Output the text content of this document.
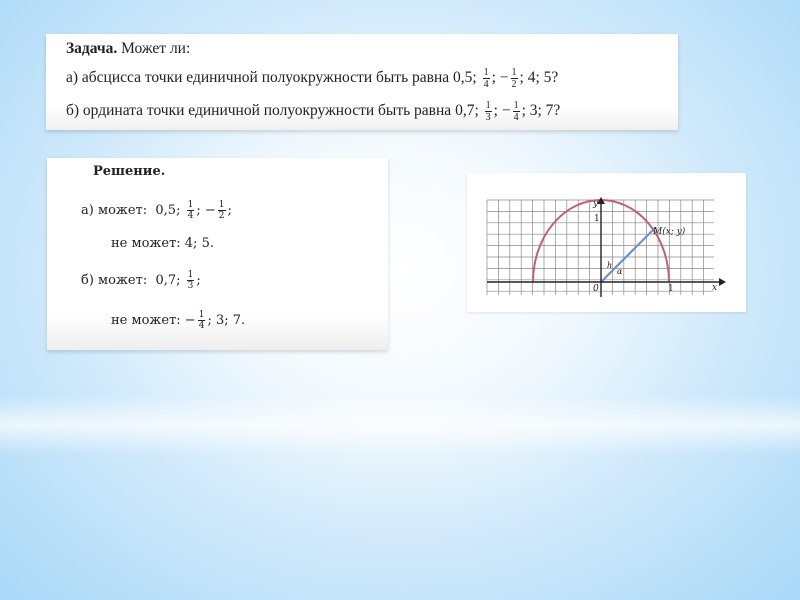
Задача. Может ли:
а) абсцисса точки единичной полуокружности быть равна 0,5; $\frac{1}{4}$ ; − $\frac{1}{2}$ ; 4; 5?
б) ордината точки единичной полуокружности быть равна 0,7; $\frac{1}{3}$ ; − $\frac{1}{4}$ ; 3; 7?
Решение.
а) может: 0,5; $\frac{1}{4}$ ; − $\frac{1}{2}$ ;
не может: 4; 5.
б) может: 0,7; $\frac{1}{3}$ ;
не может: − $\frac{1}{4}$ ; 3; 7.
y
x
0
1
1
M(x; y)
h
α
